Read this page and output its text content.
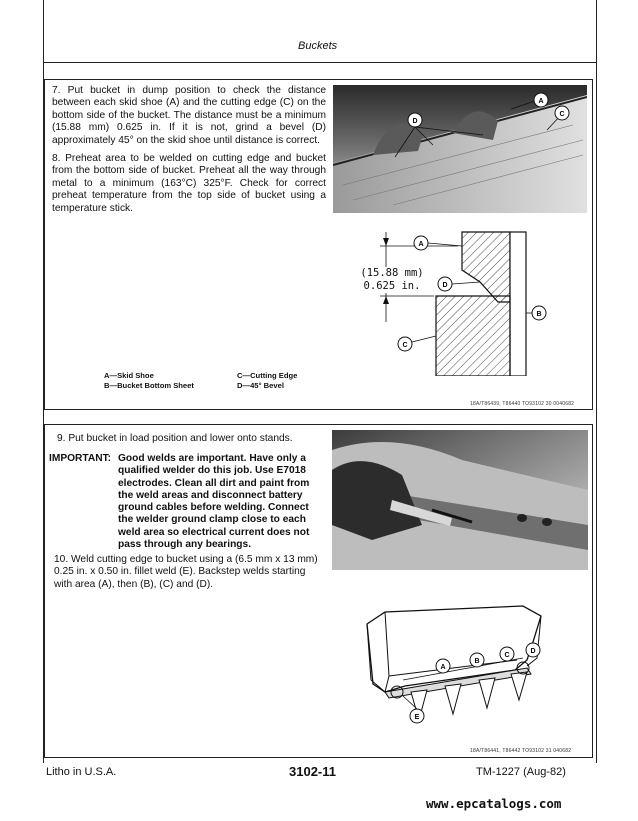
Buckets
7. Put bucket in dump position to check the distance between each skid shoe (A) and the cutting edge (C) on the bottom side of the bucket. The distance must be a minimum (15.88 mm) 0.625 in. If it is not, grind a bevel (D) approximately 45° on the skid shoe until distance is correct.
8. Preheat area to be welded on cutting edge and bucket from the bottom side of bucket. Preheat all the way through metal to a minimum (163°C) 325°F. Check for correct preheat temperature from the top side of bucket using a temperature stick.
D
A
C
A
D
B
C
(15.88 mm)
0.625 in.
A—Skid Shoe
B—Bucket Bottom Sheet
C—Cutting Edge
D—45° Bevel
18A/T86439, T86440 TO93102 30 0040682
9. Put bucket in load position and lower onto stands.
IMPORTANT: Good welds are important. Have only a qualified welder do this job. Use E7018 electrodes. Clean all dirt and paint from the weld areas and disconnect battery ground cables before welding. Connect the welder ground clamp close to each weld area so electrical current does not pass through any bearings.
10. Weld cutting edge to bucket using a (6.5 mm x 13 mm) 0.25 in. x 0.50 in. fillet weld (E). Backstep welds starting with area (A), then (B), (C) and (D).
A
B
C
D
E
18A/T86441, T86442 TO93102 31 040682
Litho in U.S.A.	3102-11	TM-1227 (Aug-82)
www.epcatalogs.com
